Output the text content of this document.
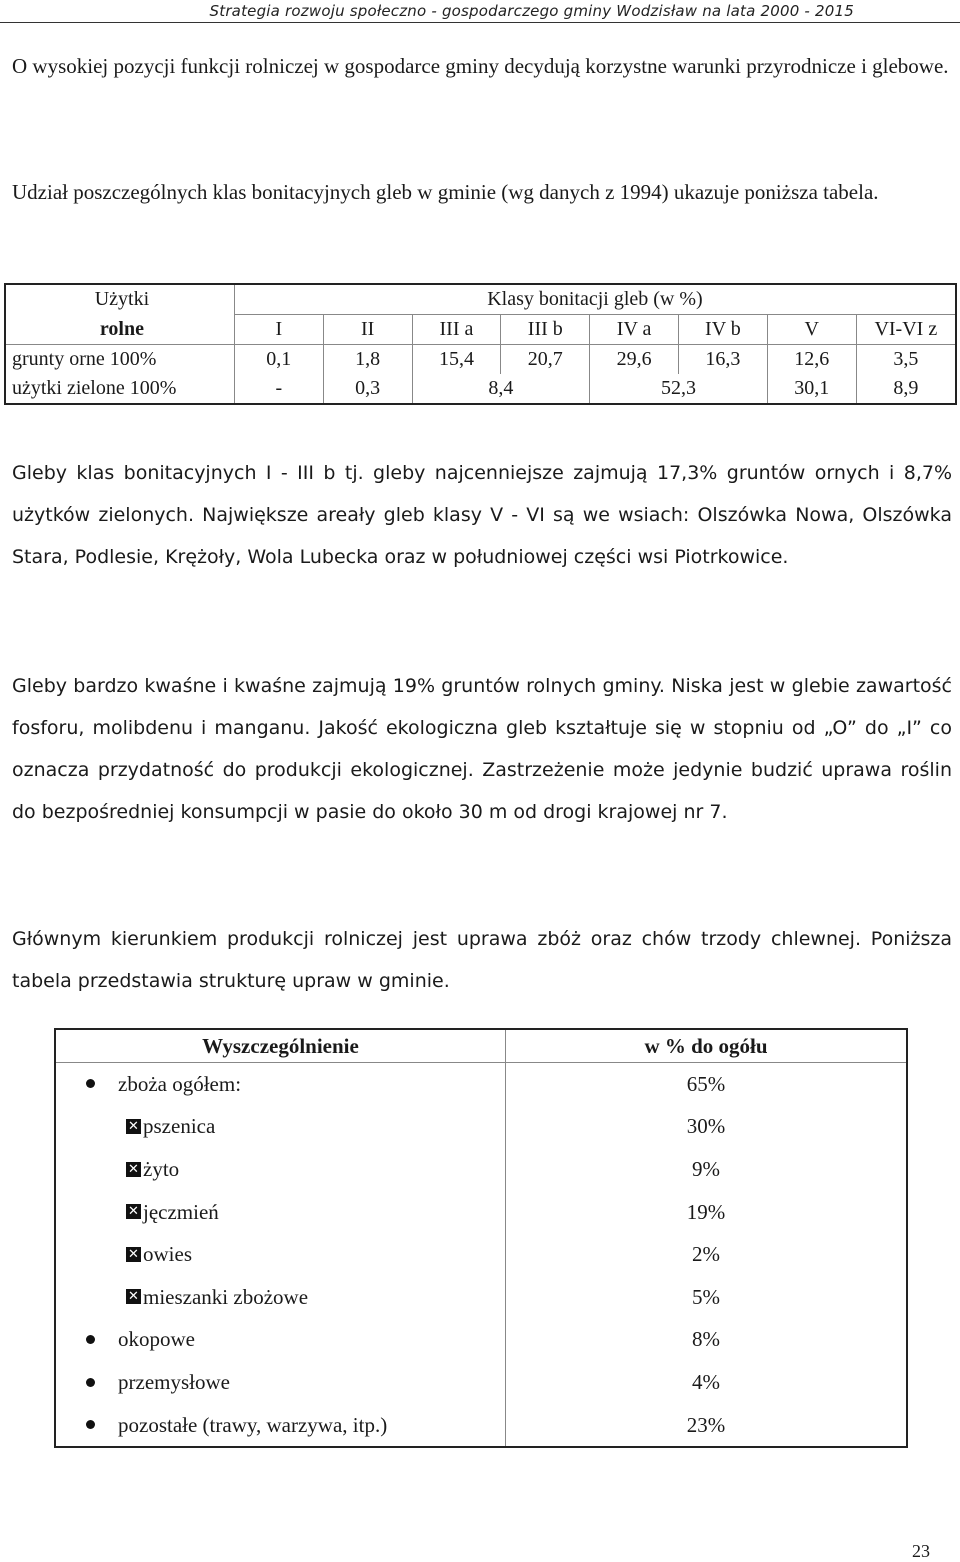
Strategia rozwoju społeczno - gospodarczego gminy Wodzisław na lata 2000 - 2015

O wysokiej pozycji funkcji rolniczej w gospodarce gminy decydują korzystne warunki przyrodnicze i glebowe.

Udział poszczególnych klas bonitacyjnych gleb w gminie (wg danych z 1994) ukazuje poniższa tabela.

Użytki	Klasy bonitacji gleb (w %)							
rolne	I	II	III a	III b	IV a	IV b	V	VI-VI z
grunty orne 100%	0,1	1,8	15,4	20,7	29,6	16,3	12,6	3,5
użytki zielone 100%	-	0,3	8,4		52,3		30,1	8,9

Gleby klas bonitacyjnych I - III b tj. gleby najcenniejsze zajmują 17,3% gruntów ornych i 8,7% użytków zielonych. Największe areały gleb klasy V - VI są we wsiach: Olszówka Nowa, Olszówka Stara, Podlesie, Krężoły, Wola Lubecka oraz w południowej części wsi Piotrkowice.

Gleby bardzo kwaśne i kwaśne zajmują 19% gruntów rolnych gminy. Niska jest w glebie zawartość fosforu, molibdenu i manganu. Jakość ekologiczna gleb kształtuje się w stopniu od „O” do „I” co oznacza przydatność do produkcji ekologicznej. Zastrzeżenie może jedynie budzić uprawa roślin do bezpośredniej konsumpcji w pasie do około 30 m od drogi krajowej nr 7.

Głównym kierunkiem produkcji rolniczej jest uprawa zbóż oraz chów trzody chlewnej. Poniższa tabela przedstawia strukturę upraw w gminie.

Wyszczególnienie	w % do ogółu
zboża ogółem:	65%
✕ pszenica	30%
✕ żyto	9%
✕ jęczmień	19%
✕ owies	2%
✕ mieszanki zbożowe	5%
okopowe	8%
przemysłowe	4%
pozostałe (trawy, warzywa, itp.)	23%
23
